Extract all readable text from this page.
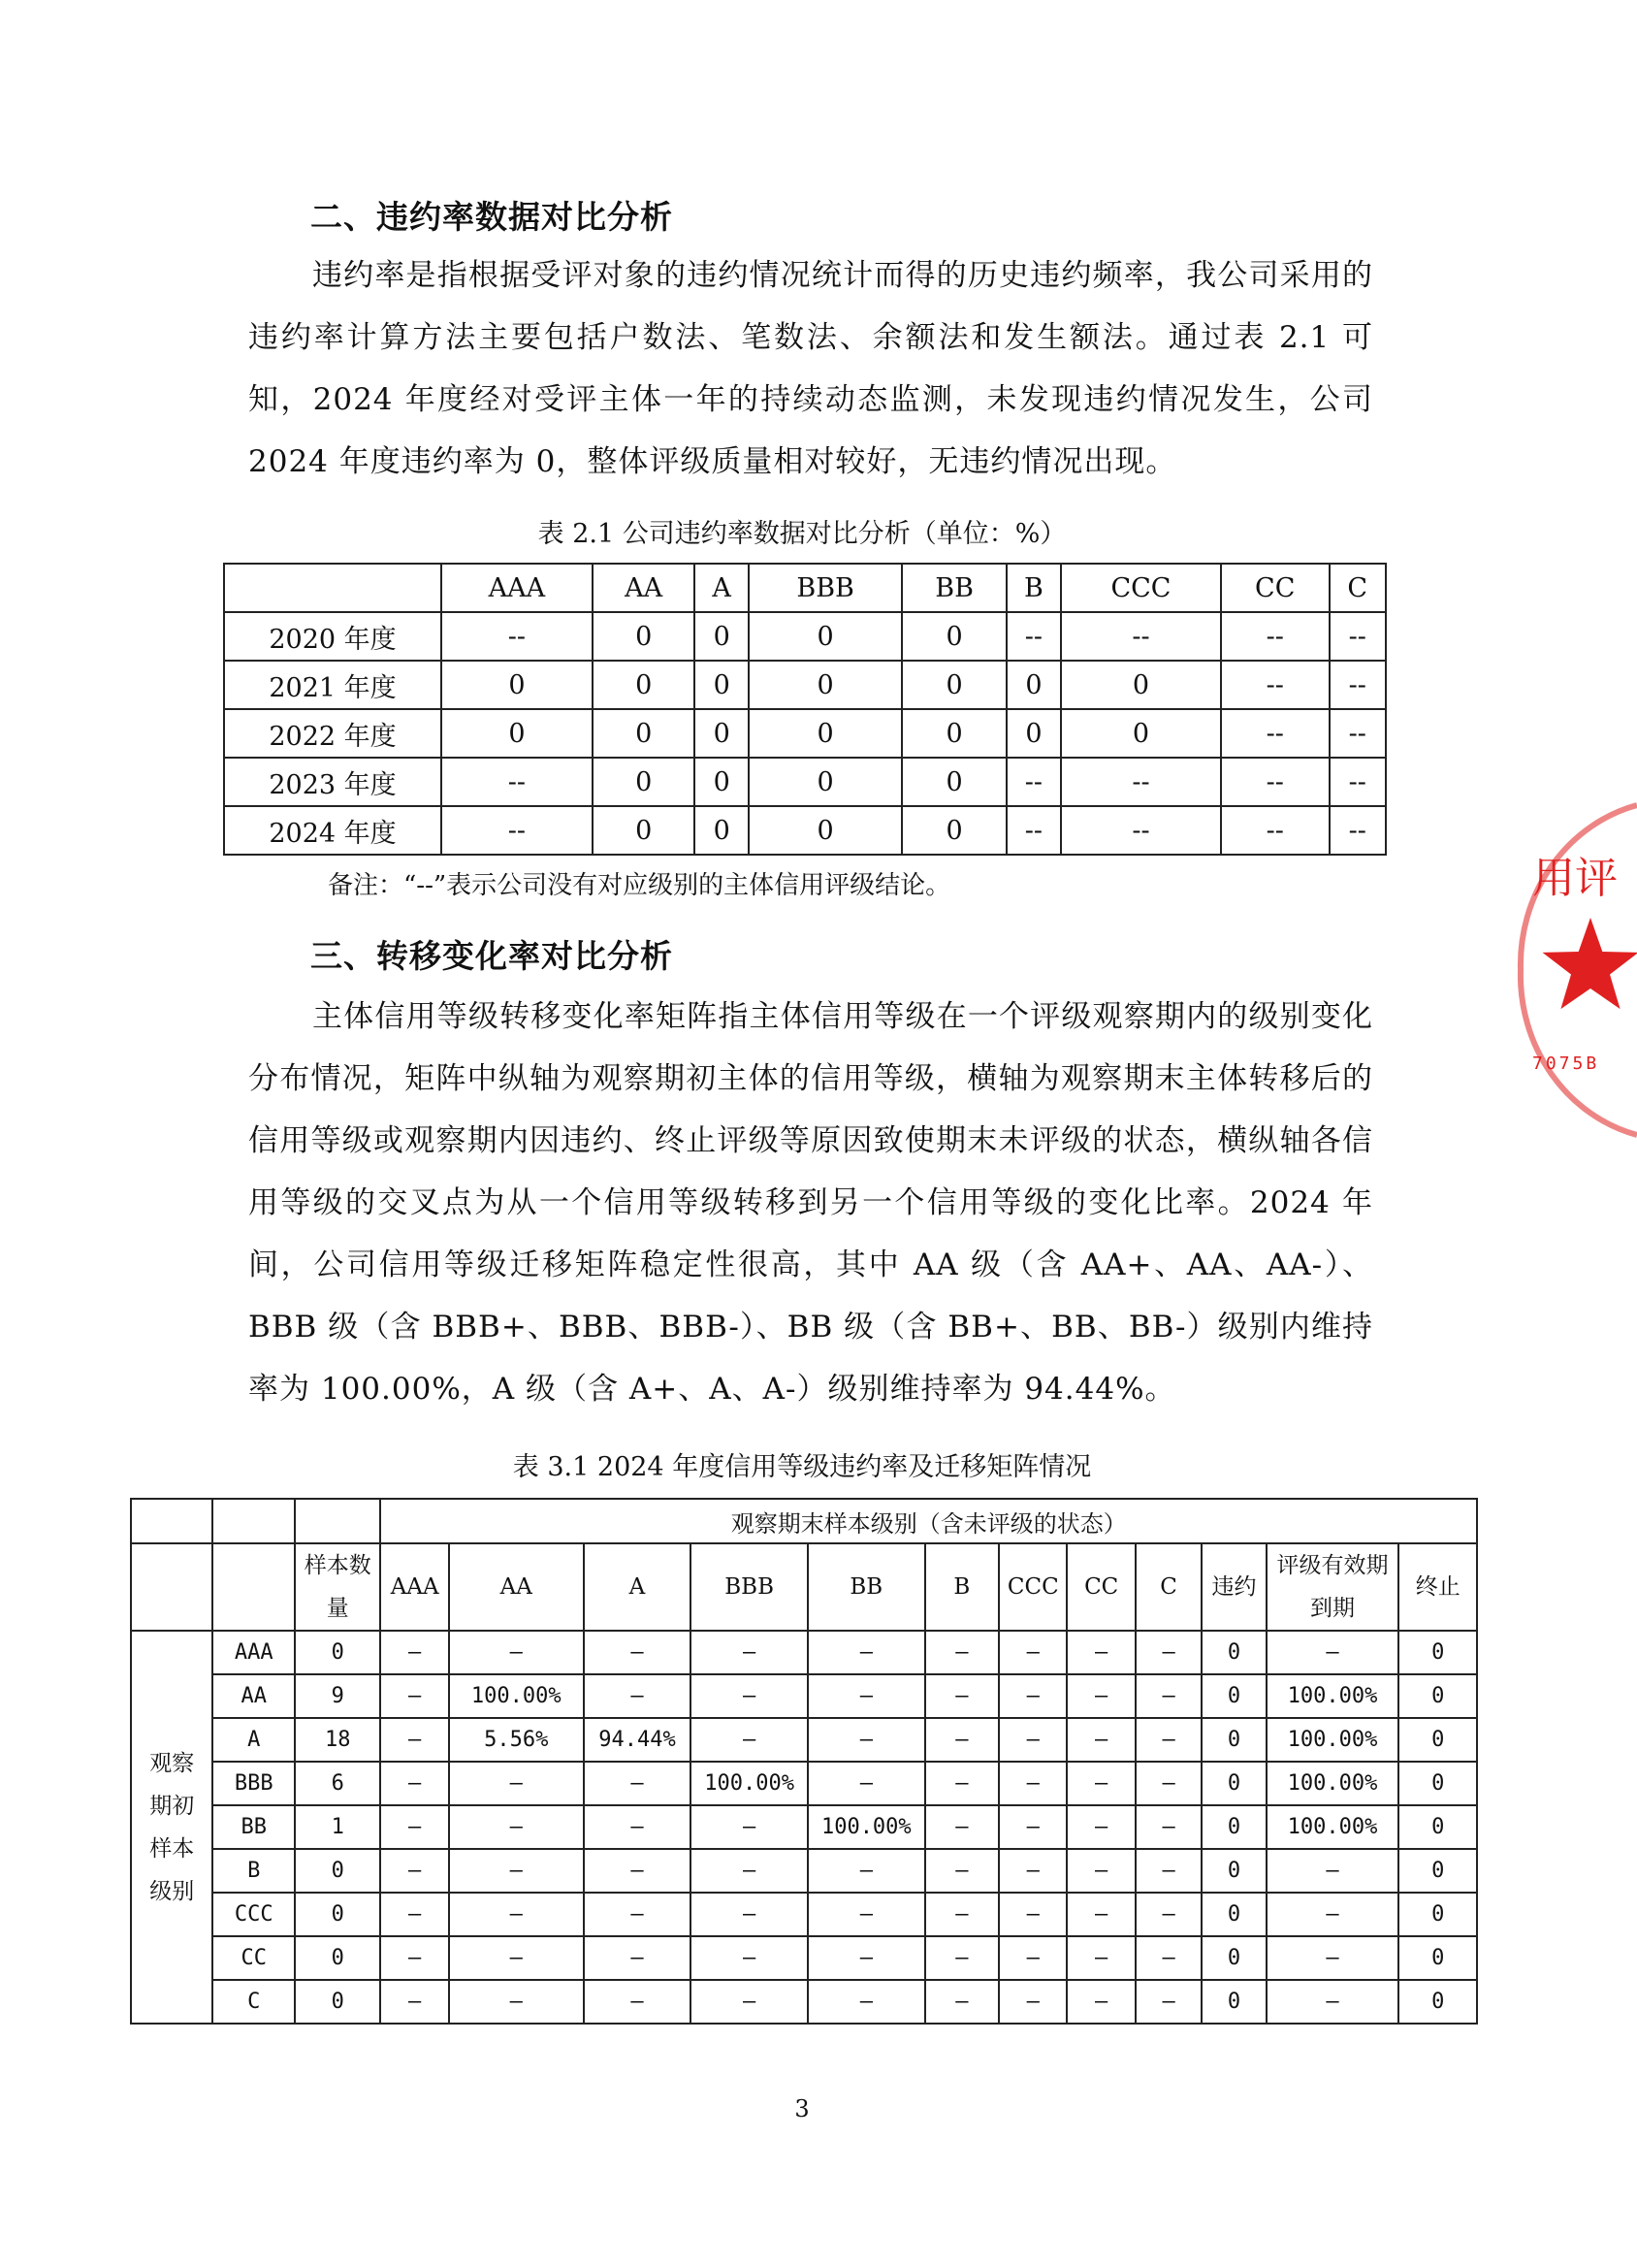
二、违约率数据对比分析
违约率是指根据受评对象的违约情况统计而得的历史违约频率，我公司采用的违约率计算方法主要包括户数法、笔数法、余额法和发生额法。通过表 2.1 可知，2024 年度经对受评主体一年的持续动态监测，未发现违约情况发生，公司 2024 年度违约率为 0，整体评级质量相对较好，无违约情况出现。
表 2.1 公司违约率数据对比分析（单位：%）
	AAA	AA	A	BBB	BB	B	CCC	CC	C
2020 年度	--	0	0	0	0	--	--	--	--
2021 年度	0	0	0	0	0	0	0	--	--
2022 年度	0	0	0	0	0	0	0	--	--
2023 年度	--	0	0	0	0	--	--	--	--
2024 年度	--	0	0	0	0	--	--	--	--
备注：“--”表示公司没有对应级别的主体信用评级结论。
三、转移变化率对比分析
主体信用等级转移变化率矩阵指主体信用等级在一个评级观察期内的级别变化分布情况，矩阵中纵轴为观察期初主体的信用等级，横轴为观察期末主体转移后的信用等级或观察期内因违约、终止评级等原因致使期末未评级的状态，横纵轴各信用等级的交叉点为从一个信用等级转移到另一个信用等级的变化比率。2024 年间，公司信用等级迁移矩阵稳定性很高，其中 AA 级（含 AA+、AA、AA-）、BBB 级（含 BBB+、BBB、BBB-）、BB 级（含 BB+、BB、BB-）级别内维持率为 100.00%，A 级（含 A+、A、A-）级别维持率为 94.44%。
表 3.1 2024 年度信用等级违约率及迁移矩阵情况
			观察期末样本级别（含未评级的状态）											
		样本数量	AAA	AA	A	BBB	BB	B	CCC	CC	C	违约	评级有效期到期	终止
观察期初样本级别	AAA	0	–	–	–	–	–	–	–	–	–	0	–	0
	AA	9	–	100.00%	–	–	–	–	–	–	–	0	100.00%	0
	A	18	–	5.56%	94.44%	–	–	–	–	–	–	0	100.00%	0
	BBB	6	–	–	–	100.00%	–	–	–	–	–	0	100.00%	0
	BB	1	–	–	–	–	100.00%	–	–	–	–	0	100.00%	0
	B	0	–	–	–	–	–	–	–	–	–	0	–	0
	CCC	0	–	–	–	–	–	–	–	–	–	0	–	0
	CC	0	–	–	–	–	–	–	–	–	–	0	–	0
	C	0	–	–	–	–	–	–	–	–	–	0	–	0
3
用评
7075B
